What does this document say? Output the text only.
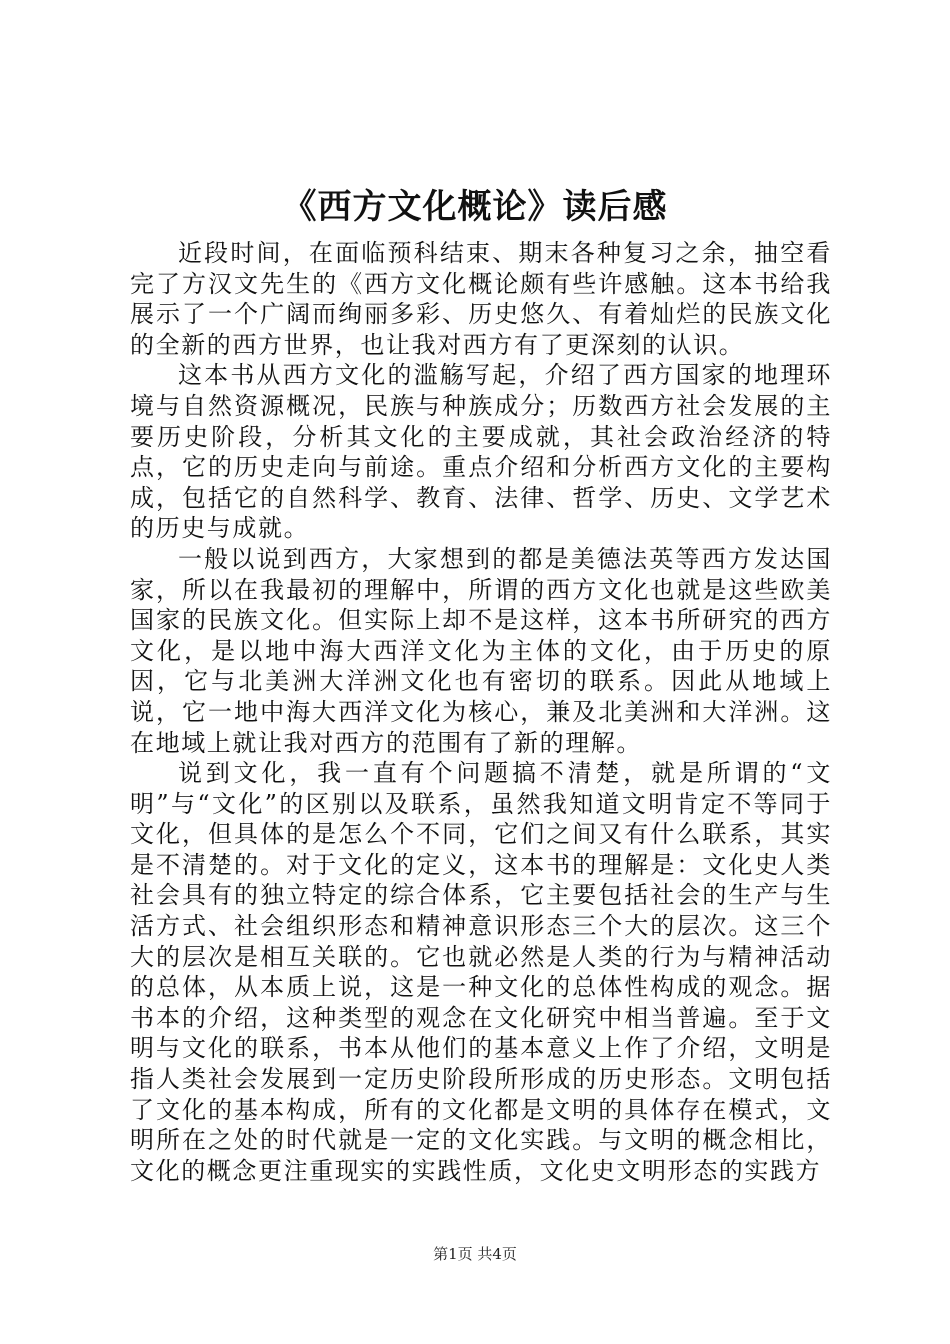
《西方文化概论》读后感

近段时间，在面临预科结束、期末各种复习之余，抽空看完了方汉文先生的《西方文化概论颇有些许感触。这本书给我展示了一个广阔而绚丽多彩、历史悠久、有着灿烂的民族文化的全新的西方世界，也让我对西方有了更深刻的认识。

这本书从西方文化的滥觞写起，介绍了西方国家的地理环境与自然资源概况，民族与种族成分；历数西方社会发展的主要历史阶段，分析其文化的主要成就，其社会政治经济的特点，它的历史走向与前途。重点介绍和分析西方文化的主要构成，包括它的自然科学、教育、法律、哲学、历史、文学艺术的历史与成就。

一般以说到西方，大家想到的都是美德法英等西方发达国家，所以在我最初的理解中，所谓的西方文化也就是这些欧美国家的民族文化。但实际上却不是这样，这本书所研究的西方文化，是以地中海大西洋文化为主体的文化，由于历史的原因，它与北美洲大洋洲文化也有密切的联系。因此从地域上说，它一地中海大西洋文化为核心，兼及北美洲和大洋洲。这在地域上就让我对西方的范围有了新的理解。

说到文化，我一直有个问题搞不清楚，就是所谓的“文明”与“文化”的区别以及联系，虽然我知道文明肯定不等同于文化，但具体的是怎么个不同，它们之间又有什么联系，其实是不清楚的。对于文化的定义，这本书的理解是：文化史人类社会具有的独立特定的综合体系，它主要包括社会的生产与生活方式、社会组织形态和精神意识形态三个大的层次。这三个大的层次是相互关联的。它也就必然是人类的行为与精神活动的总体，从本质上说，这是一种文化的总体性构成的观念。据书本的介绍，这种类型的观念在文化研究中相当普遍。至于文明与文化的联系，书本从他们的基本意义上作了介绍，文明是指人类社会发展到一定历史阶段所形成的历史形态。文明包括了文化的基本构成，所有的文化都是文明的具体存在模式，文明所在之处的时代就是一定的文化实践。与文明的概念相比，文化的概念更注重现实的实践性质，文化史文明形态的实践方

第1页 共4页
